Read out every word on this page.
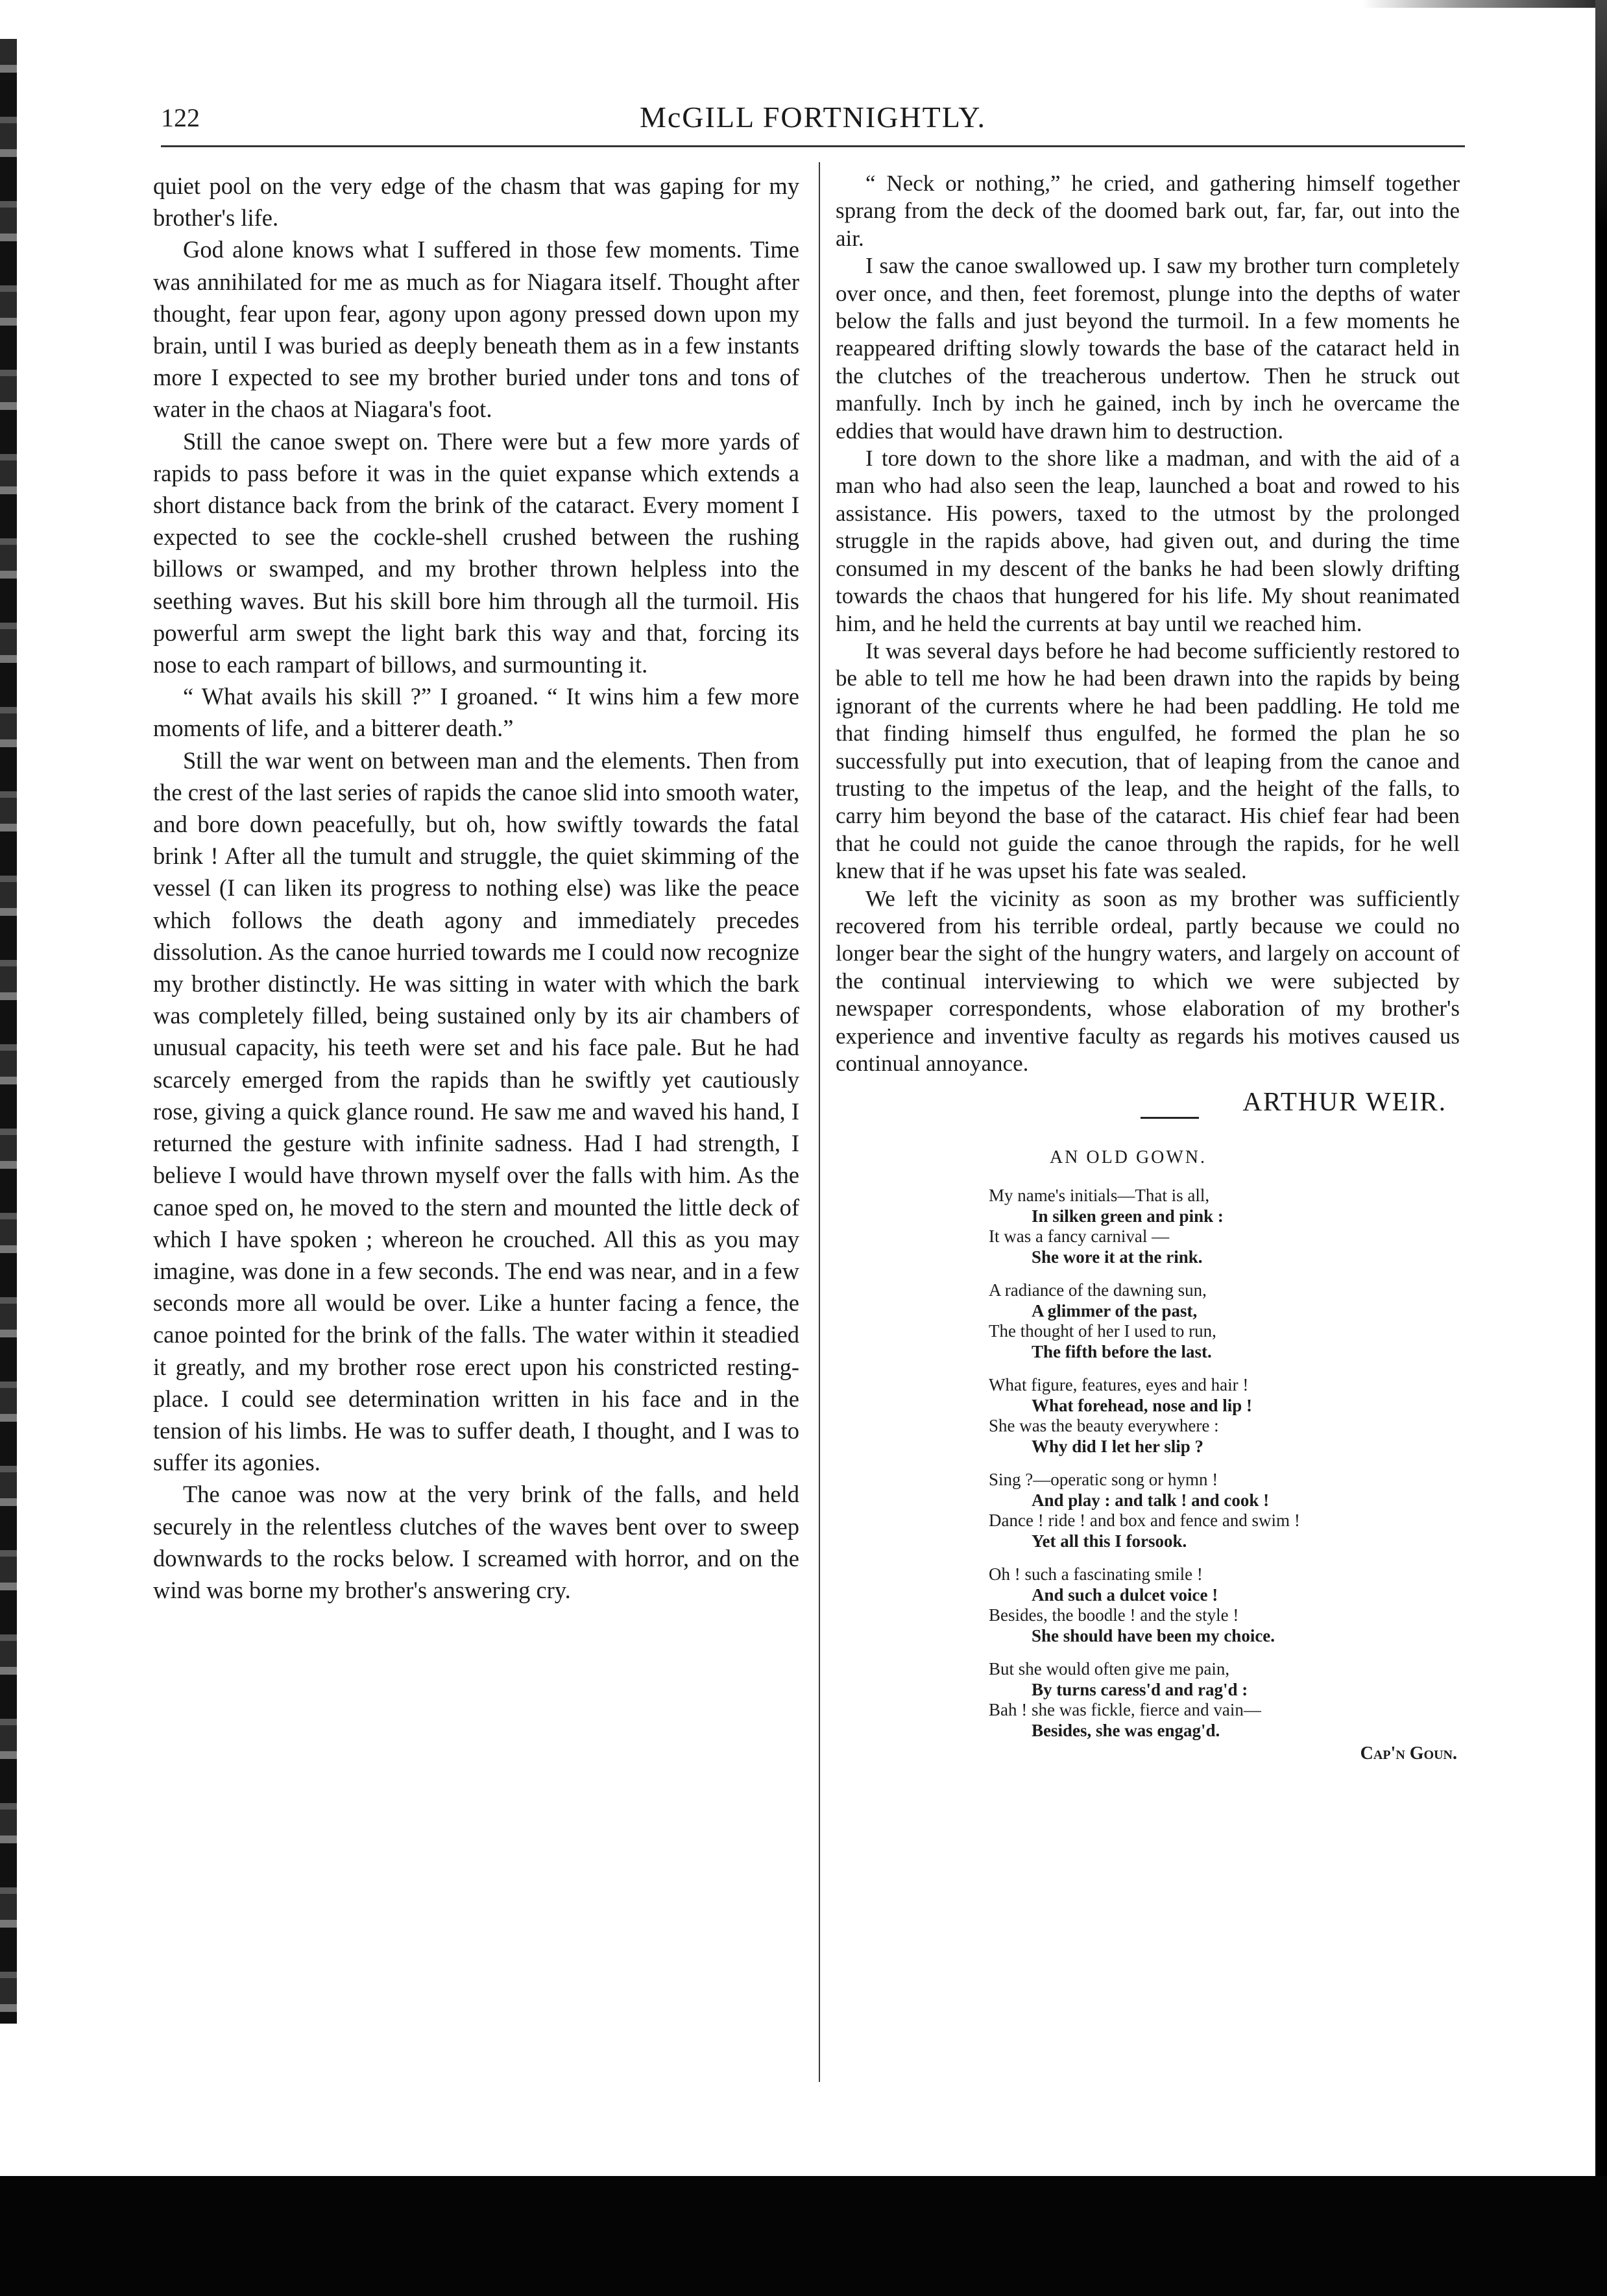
122	McGILL FORTNIGHTLY.

quiet pool on the very edge of the chasm that was gaping for my brother's life.

God alone knows what I suffered in those few moments. Time was annihilated for me as much as for Niagara itself. Thought after thought, fear upon fear, agony upon agony pressed down upon my brain, until I was buried as deeply beneath them as in a few instants more I expected to see my brother buried under tons and tons of water in the chaos at Niagara's foot.

Still the canoe swept on. There were but a few more yards of rapids to pass before it was in the quiet expanse which extends a short distance back from the brink of the cataract. Every moment I expected to see the cockle-shell crushed between the rushing billows or swamped, and my brother thrown helpless into the seething waves. But his skill bore him through all the turmoil. His powerful arm swept the light bark this way and that, forcing its nose to each rampart of billows, and surmounting it.

“ What avails his skill ?” I groaned. “ It wins him a few more moments of life, and a bitterer death.”

Still the war went on between man and the elements. Then from the crest of the last series of rapids the canoe slid into smooth water, and bore down peacefully, but oh, how swiftly towards the fatal brink ! After all the tumult and struggle, the quiet skimming of the vessel (I can liken its progress to nothing else) was like the peace which follows the death agony and immediately precedes dissolution. As the canoe hurried towards me I could now recognize my brother distinctly. He was sitting in water with which the bark was completely filled, being sustained only by its air chambers of unusual capacity, his teeth were set and his face pale. But he had scarcely emerged from the rapids than he swiftly yet cautiously rose, giving a quick glance round. He saw me and waved his hand, I returned the gesture with infinite sadness. Had I had strength, I believe I would have thrown myself over the falls with him. As the canoe sped on, he moved to the stern and mounted the little deck of which I have spoken ; whereon he crouched. All this as you may imagine, was done in a few seconds. The end was near, and in a few seconds more all would be over. Like a hunter facing a fence, the canoe pointed for the brink of the falls. The water within it steadied it greatly, and my brother rose erect upon his constricted resting-place. I could see determination written in his face and in the tension of his limbs. He was to suffer death, I thought, and I was to suffer its agonies.

The canoe was now at the very brink of the falls, and held securely in the relentless clutches of the waves bent over to sweep downwards to the rocks below. I screamed with horror, and on the wind was borne my brother's answering cry.

“ Neck or nothing,” he cried, and gathering himself together sprang from the deck of the doomed bark out, far, far, out into the air.

I saw the canoe swallowed up. I saw my brother turn completely over once, and then, feet foremost, plunge into the depths of water below the falls and just beyond the turmoil. In a few moments he reappeared drifting slowly towards the base of the cataract held in the clutches of the treacherous undertow. Then he struck out manfully. Inch by inch he gained, inch by inch he overcame the eddies that would have drawn him to destruction.

I tore down to the shore like a madman, and with the aid of a man who had also seen the leap, launched a boat and rowed to his assistance. His powers, taxed to the utmost by the prolonged struggle in the rapids above, had given out, and during the time consumed in my descent of the banks he had been slowly drifting towards the chaos that hungered for his life. My shout reanimated him, and he held the currents at bay until we reached him.

It was several days before he had become sufficiently restored to be able to tell me how he had been drawn into the rapids by being ignorant of the currents where he had been paddling. He told me that finding himself thus engulfed, he formed the plan he so successfully put into execution, that of leaping from the canoe and trusting to the impetus of the leap, and the height of the falls, to carry him beyond the base of the cataract. His chief fear had been that he could not guide the canoe through the rapids, for he well knew that if he was upset his fate was sealed.

We left the vicinity as soon as my brother was sufficiently recovered from his terrible ordeal, partly because we could no longer bear the sight of the hungry waters, and largely on account of the continual interviewing to which we were subjected by newspaper correspondents, whose elaboration of my brother's experience and inventive faculty as regards his motives caused us continual annoyance.

ARTHUR WEIR.
AN OLD GOWN.
My name's initials—That is all,
In silken green and pink :
It was a fancy carnival —
She wore it at the rink.
A radiance of the dawning sun,
A glimmer of the past,
The thought of her I used to run,
The fifth before the last.
What figure, features, eyes and hair !
What forehead, nose and lip !
She was the beauty everywhere :
Why did I let her slip ?
Sing ?—operatic song or hymn !
And play : and talk ! and cook !
Dance ! ride ! and box and fence and swim !
Yet all this I forsook.
Oh ! such a fascinating smile !
And such a dulcet voice !
Besides, the boodle ! and the style !
She should have been my choice.
But she would often give me pain,
By turns caress'd and rag'd :
Bah ! she was fickle, fierce and vain—
Besides, she was engag'd.
Cap'n Goun.
